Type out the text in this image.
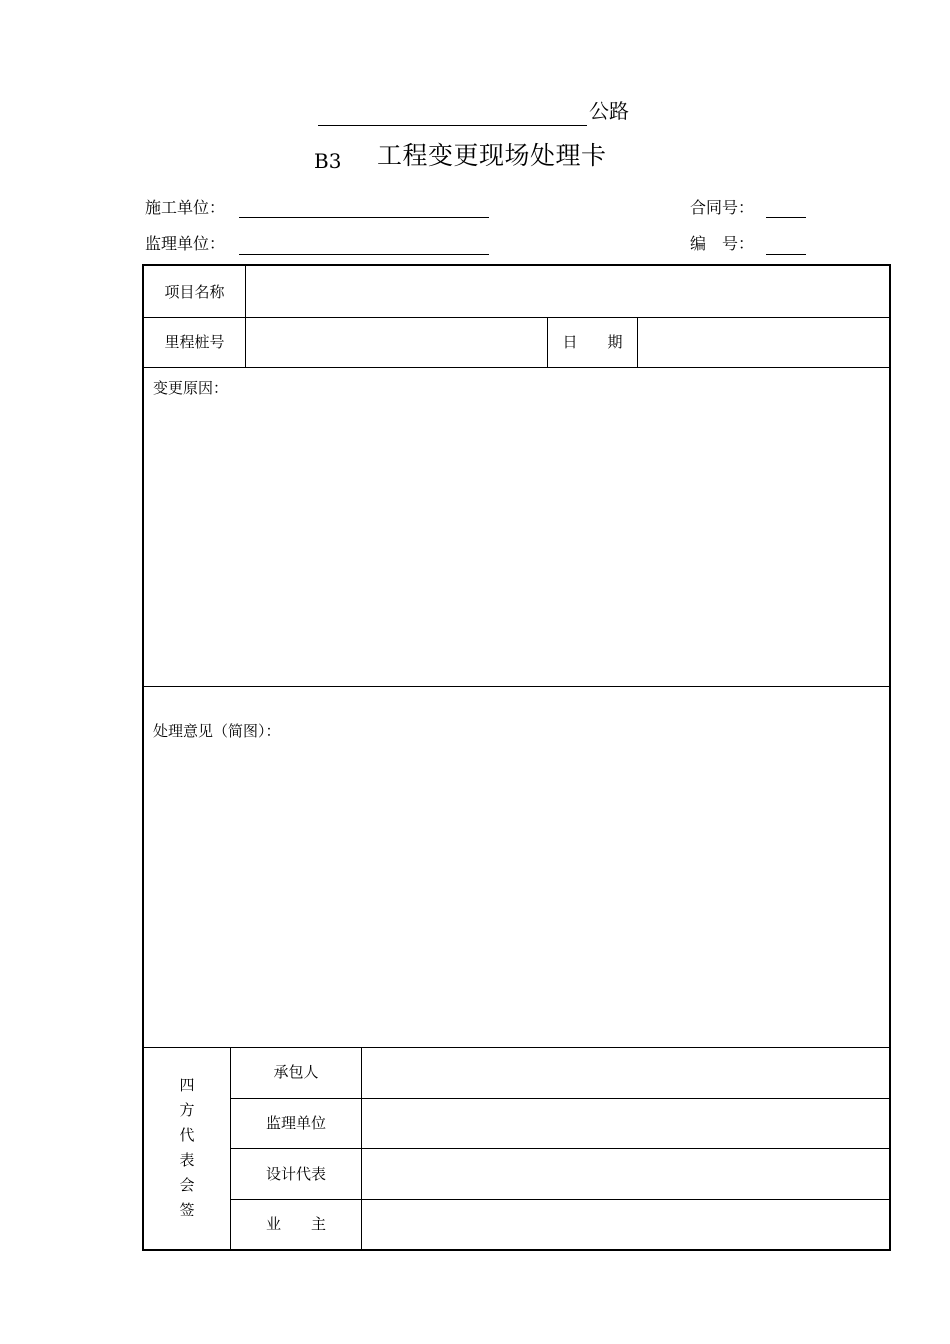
公路
B3 工程变更现场处理卡
施工单位：
监理单位：
合同号：
编　号：
项目名称
里程桩号	日　　期
变更原因：
处理意见（简图）：
四方代表会签
承包人
监理单位
设计代表
业　　主
